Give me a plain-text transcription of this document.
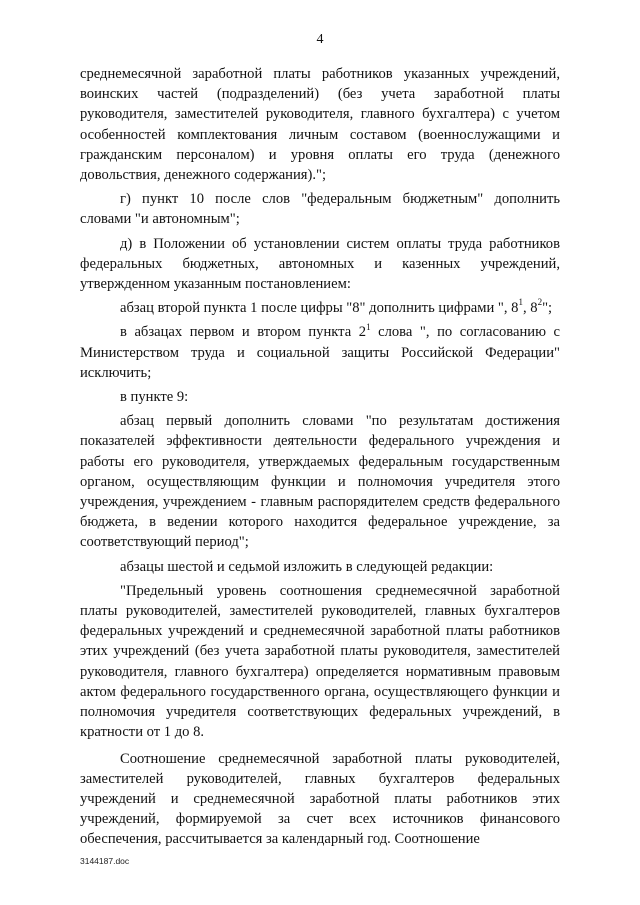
4

среднемесячной заработной платы работников указанных учреждений, воинских частей (подразделений) (без учета заработной платы руководителя, заместителей руководителя, главного бухгалтера) с учетом особенностей комплектования личным составом (военнослужащими и гражданским персоналом) и уровня оплаты его труда (денежного довольствия, денежного содержания).";

г) пункт 10 после слов "федеральным бюджетным" дополнить словами "и автономным";

д) в Положении об установлении систем оплаты труда работников федеральных бюджетных, автономных и казенных учреждений, утвержденном указанным постановлением:

абзац второй пункта 1 после цифры "8" дополнить цифрами ", $8^1$, $8^2$";

в абзацах первом и втором пункта $2^1$ слова ", по согласованию с Министерством труда и социальной защиты Российской Федерации" исключить;

в пункте 9:

абзац первый дополнить словами "по результатам достижения показателей эффективности деятельности федерального учреждения и работы его руководителя, утверждаемых федеральным государственным органом, осуществляющим функции и полномочия учредителя этого учреждения, учреждением - главным распорядителем средств федерального бюджета, в ведении которого находится федеральное учреждение, за соответствующий период";

абзацы шестой и седьмой изложить в следующей редакции:

"Предельный уровень соотношения среднемесячной заработной платы руководителей, заместителей руководителей, главных бухгалтеров федеральных учреждений и среднемесячной заработной платы работников этих учреждений (без учета заработной платы руководителя, заместителей руководителя, главного бухгалтера) определяется нормативным правовым актом федерального государственного органа, осуществляющего функции и полномочия учредителя соответствующих федеральных учреждений, в кратности от 1 до 8.

Соотношение среднемесячной заработной платы руководителей, заместителей руководителей, главных бухгалтеров федеральных учреждений и среднемесячной заработной платы работников этих учреждений, формируемой за счет всех источников финансового обеспечения, рассчитывается за календарный год. Соотношение

3144187.doc
